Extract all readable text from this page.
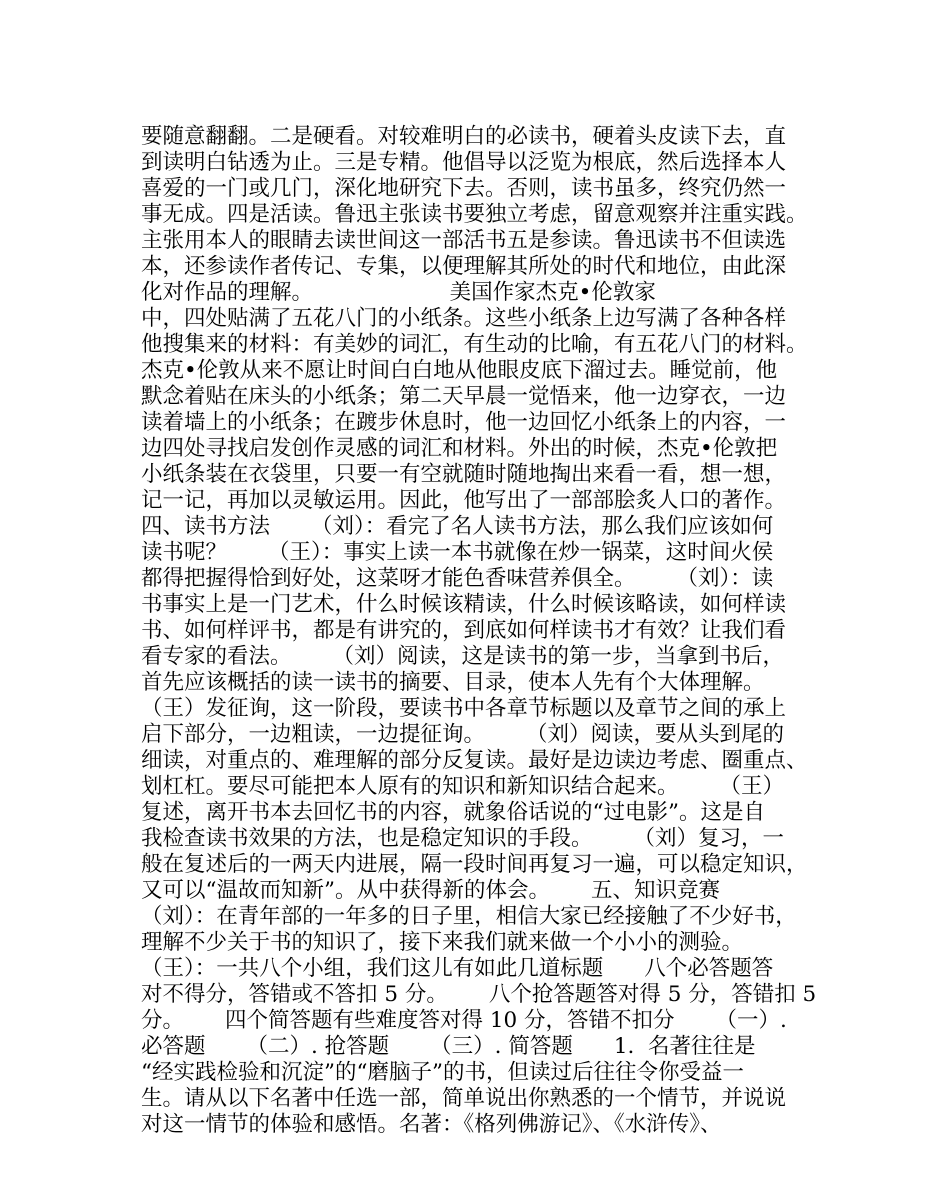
要随意翻翻。二是硬看。对较难明白的必读书，硬着头皮读下去，直
到读明白钻透为止。三是专精。他倡导以泛览为根底，然后选择本人
喜爱的一门或几门，深化地研究下去。否则，读书虽多，终究仍然一
事无成。四是活读。鲁迅主张读书要独立考虑，留意观察并注重实践。
主张用本人的眼睛去读世间这一部活书五是参读。鲁迅读书不但读选
本，还参读作者传记、专集，以便理解其所处的时代和地位，由此深
化对作品的理解。                    美国作家杰克•伦敦家
中，四处贴满了五花八门的小纸条。这些小纸条上边写满了各种各样
他搜集来的材料：有美妙的词汇，有生动的比喻，有五花八门的材料。
杰克•伦敦从来不愿让时间白白地从他眼皮底下溜过去。睡觉前，他
默念着贴在床头的小纸条；第二天早晨一觉悟来，他一边穿衣，一边
读着墙上的小纸条；在踱步休息时，他一边回忆小纸条上的内容，一
边四处寻找启发创作灵感的词汇和材料。外出的时候，杰克•伦敦把
小纸条装在衣袋里，只要一有空就随时随地掏出来看一看，想一想，
记一记，再加以灵敏运用。因此，他写出了一部部脍炙人口的著作。
四、读书方法      （刘）：看完了名人读书方法，那么我们应该如何
读书呢？      （王）：事实上读一本书就像在炒一锅菜，这时间火侯
都得把握得恰到好处，这菜呀才能色香味营养俱全。      （刘）：读
书事实上是一门艺术，什么时候该精读，什么时候该略读，如何样读
书、如何样评书，都是有讲究的，到底如何样读书才有效？让我们看
看专家的看法。      （刘）阅读，这是读书的第一步，当拿到书后，
首先应该概括的读一读书的摘要、目录，使本人先有个大体理解。
（王）发征询，这一阶段，要读书中各章节标题以及章节之间的承上
启下部分，一边粗读，一边提征询。      （刘）阅读，要从头到尾的
细读，对重点的、难理解的部分反复读。最好是边读边考虑、圈重点、
划杠杠。要尽可能把本人原有的知识和新知识结合起来。      （王）
复述，离开书本去回忆书的内容，就象俗话说的“过电影”。这是自
我检查读书效果的方法，也是稳定知识的手段。      （刘）复习，一
般在复述后的一两天内进展，隔一段时间再复习一遍，可以稳定知识，
又可以“温故而知新”。从中获得新的体会。      五、知识竞赛
（刘）：在青年部的一年多的日子里，相信大家已经接触了不少好书，
理解不少关于书的知识了，接下来我们就来做一个小小的测验。
（王）：一共八个小组，我们这儿有如此几道标题      八个必答题答
对不得分，答错或不答扣 5 分。      八个抢答题答对得 5 分，答错扣 5
分。      四个简答题有些难度答对得 10 分，答错不扣分      （一）.
必答题      （二）. 抢答题      （三）. 简答题      1.  名著往往是
“经实践检验和沉淀”的“磨脑子”的书，但读过后往往令你受益一
生。请从以下名著中任选一部，简单说出你熟悉的一个情节，并说说
对这一情节的体验和感悟。名著：《格列佛游记》、《水浒传》、
